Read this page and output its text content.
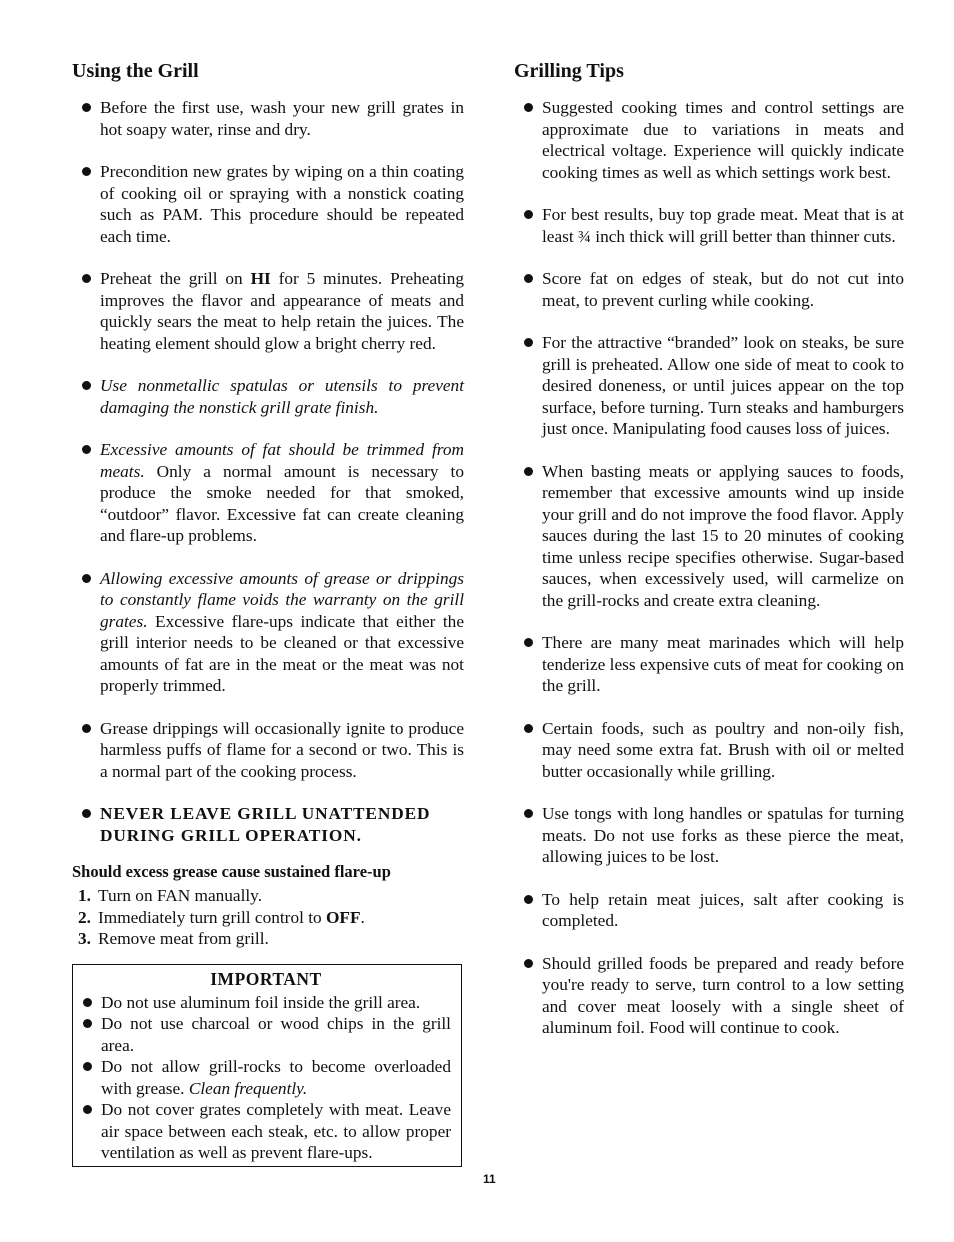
Using the Grill
Before the first use, wash your new grill grates in hot soapy water, rinse and dry.
Precondition new grates by wiping on a thin coating of cooking oil or spraying with a nonstick coating such as PAM. This procedure should be repeated each time.
Preheat the grill on HI for 5 minutes. Preheating improves the flavor and appearance of meats and quickly sears the meat to help retain the juices. The heating element should glow a bright cherry red.
Use nonmetallic spatulas or utensils to prevent damaging the nonstick grill grate finish.
Excessive amounts of fat should be trimmed from meats. Only a normal amount is necessary to produce the smoke needed for that smoked, “outdoor” flavor. Excessive fat can create cleaning and flare-up problems.
Allowing excessive amounts of grease or drippings to constantly flame voids the warranty on the grill grates. Excessive flare-ups indicate that either the grill interior needs to be cleaned or that excessive amounts of fat are in the meat or the meat was not properly trimmed.
Grease drippings will occasionally ignite to produce harmless puffs of flame for a second or two. This is a normal part of the cooking process.
NEVER LEAVE GRILL UNATTENDED DURING GRILL OPERATION.
Should excess grease cause sustained flare-up
1. Turn on FAN manually.
2. Immediately turn grill control to OFF.
3. Remove meat from grill.
IMPORTANT
Do not use aluminum foil inside the grill area.
Do not use charcoal or wood chips in the grill area.
Do not allow grill-rocks to become overloaded with grease. Clean frequently.
Do not cover grates completely with meat. Leave air space between each steak, etc. to allow proper ventilation as well as prevent flare-ups.
Grilling Tips
Suggested cooking times and control settings are approximate due to variations in meats and electrical voltage. Experience will quickly indicate cooking times as well as which settings work best.
For best results, buy top grade meat. Meat that is at least ¾ inch thick will grill better than thinner cuts.
Score fat on edges of steak, but do not cut into meat, to prevent curling while cooking.
For the attractive “branded” look on steaks, be sure grill is preheated. Allow one side of meat to cook to desired doneness, or until juices appear on the top surface, before turning. Turn steaks and hamburgers just once. Manipulating food causes loss of juices.
When basting meats or applying sauces to foods, remember that excessive amounts wind up inside your grill and do not improve the food flavor. Apply sauces during the last 15 to 20 minutes of cooking time unless recipe specifies otherwise. Sugar-based sauces, when excessively used, will carmelize on the grill-rocks and create extra cleaning.
There are many meat marinades which will help tenderize less expensive cuts of meat for cooking on the grill.
Certain foods, such as poultry and non-oily fish, may need some extra fat. Brush with oil or melted butter occasionally while grilling.
Use tongs with long handles or spatulas for turning meats. Do not use forks as these pierce the meat, allowing juices to be lost.
To help retain meat juices, salt after cooking is completed.
Should grilled foods be prepared and ready before you're ready to serve, turn control to a low setting and cover meat loosely with a single sheet of aluminum foil. Food will continue to cook.
11
